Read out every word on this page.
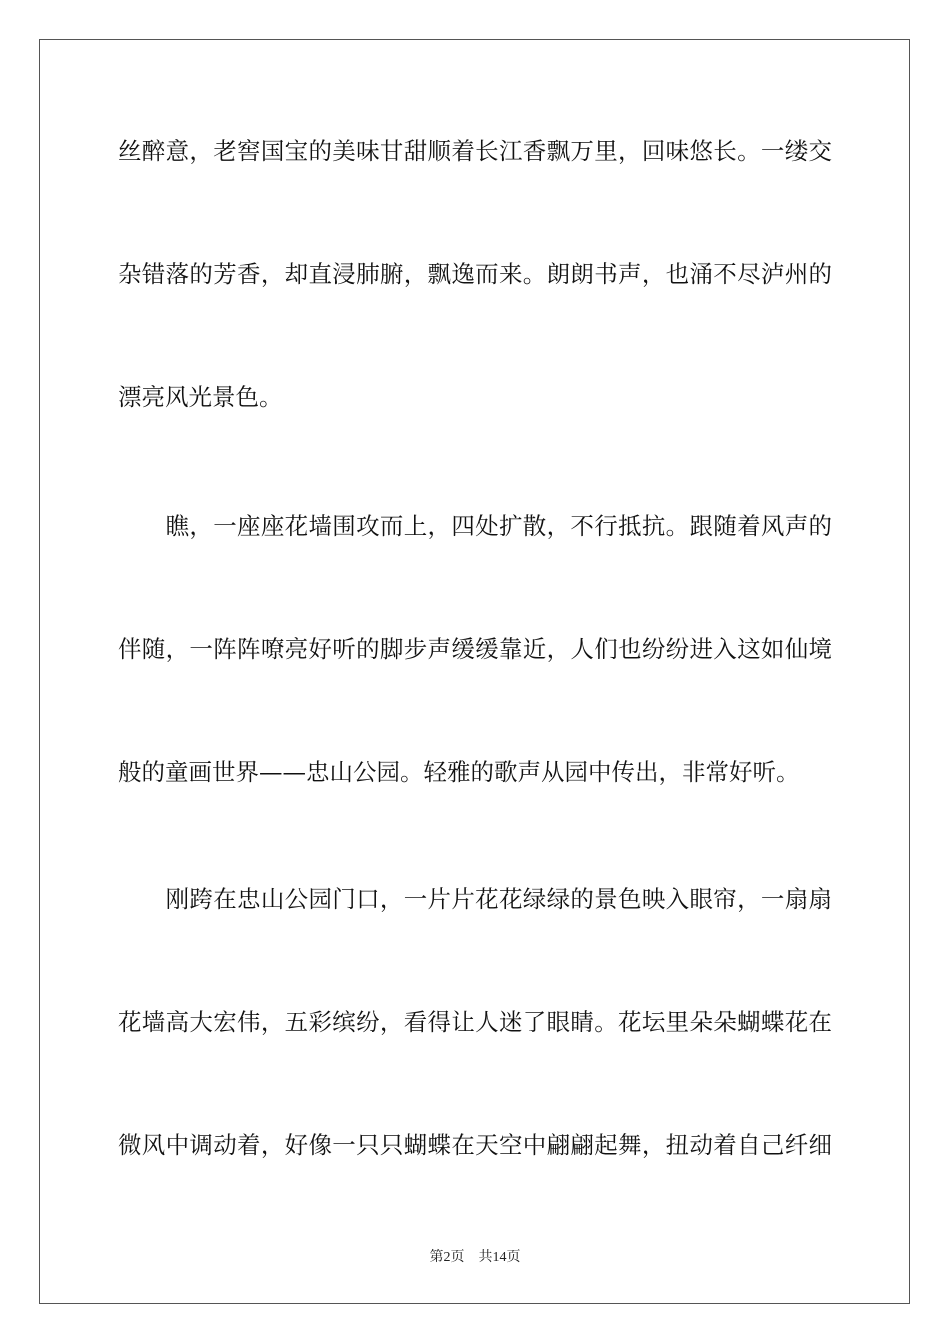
丝醉意，老窖国宝的美味甘甜顺着长江香飘万里，回味悠长。一缕交
杂错落的芳香，却直浸肺腑，飘逸而来。朗朗书声，也涌不尽泸州的
漂亮风光景色。
　　瞧，一座座花墙围攻而上，四处扩散，不行抵抗。跟随着风声的
伴随，一阵阵嘹亮好听的脚步声缓缓靠近，人们也纷纷进入这如仙境
般的童画世界——忠山公园。轻雅的歌声从园中传出，非常好听。
　　刚跨在忠山公园门口，一片片花花绿绿的景色映入眼帘，一扇扇
花墙高大宏伟，五彩缤纷，看得让人迷了眼睛。花坛里朵朵蝴蝶花在
微风中调动着，好像一只只蝴蝶在天空中翩翩起舞，扭动着自己纤细
第2页 共14页
